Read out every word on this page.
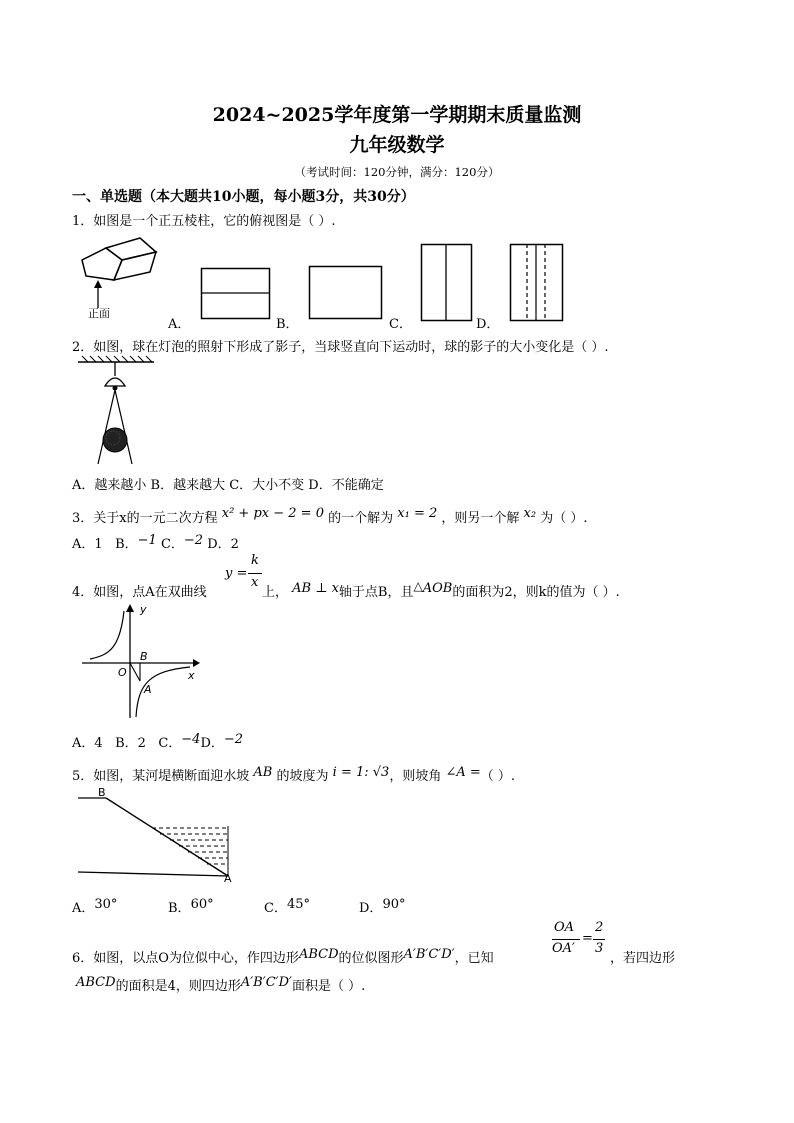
2024~2025学年度第一学期期末质量监测
九年级数学
（考试时间：120分钟，满分：120分）
一、单选题（本大题共10小题，每小题3分，共30分）
1．如图是一个正五棱柱，它的俯视图是（ ）.
正面
A．	B．	C．	D．
2．如图，球在灯泡的照射下形成了影子，当球竖直向下运动时，球的影子的大小变化是（ ）.
A．越来越小 B．越来越大 C．大小不变 D．不能确定
3．关于x的一元二次方程 x² + px − 2 = 0 的一个解为 x₁ = 2 ，则另一个解 x₂ 为（ ）.
A．1 B．−1 C．−2 D．2
4．如图，点A在双曲线
y =
k
x
上， AB ⊥ x轴于点B，且△AOB的面积为2，则k的值为（ ）.
y
x
O
B
A
A．4 B．2 C．−4D．−2
5．如图，某河堤横断面迎水坡 AB 的坡度为 i = 1: √3，则坡角 ∠A =（ ）.
B
A
A．30°	B．60°	C．45°	D．90°
6．如图，以点O为位似中心，作四边形ABCD的位似图形A′B′C′D′，已知
OA
OA′
=
2
3
，若四边形
ABCD的面积是4，则四边形A′B′C′D′面积是（ ）.
